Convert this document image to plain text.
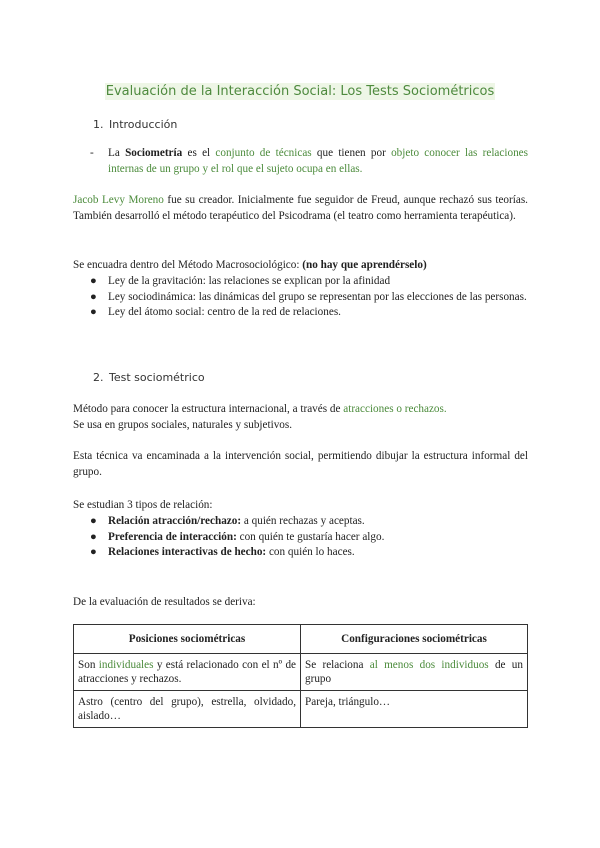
Evaluación de la Interacción Social: Los Tests Sociométricos
1. Introducción
- La Sociometría es el conjunto de técnicas que tienen por objeto conocer las relaciones internas de un grupo y el rol que el sujeto ocupa en ellas.
Jacob Levy Moreno fue su creador. Inicialmente fue seguidor de Freud, aunque rechazó sus teorías. También desarrolló el método terapéutico del Psicodrama (el teatro como herramienta terapéutica).
Se encuadra dentro del Método Macrosociológico: (no hay que aprendérselo)
● Ley de la gravitación: las relaciones se explican por la afinidad
● Ley sociodinámica: las dinámicas del grupo se representan por las elecciones de las personas.
● Ley del átomo social: centro de la red de relaciones.
2. Test sociométrico
Método para conocer la estructura internacional, a través de atracciones o rechazos.
Se usa en grupos sociales, naturales y subjetivos.
Esta técnica va encaminada a la intervención social, permitiendo dibujar la estructura informal del grupo.
Se estudian 3 tipos de relación:
● Relación atracción/rechazo: a quién rechazas y aceptas.
● Preferencia de interacción: con quién te gustaría hacer algo.
● Relaciones interactivas de hecho: con quién lo haces.
De la evaluación de resultados se deriva:
Posiciones sociométricas	Configuraciones sociométricas
Son individuales y está relacionado con el nº de atracciones y rechazos.	Se relaciona al menos dos individuos de un grupo
Astro (centro del grupo), estrella, olvidado, aislado…	Pareja, triángulo…
